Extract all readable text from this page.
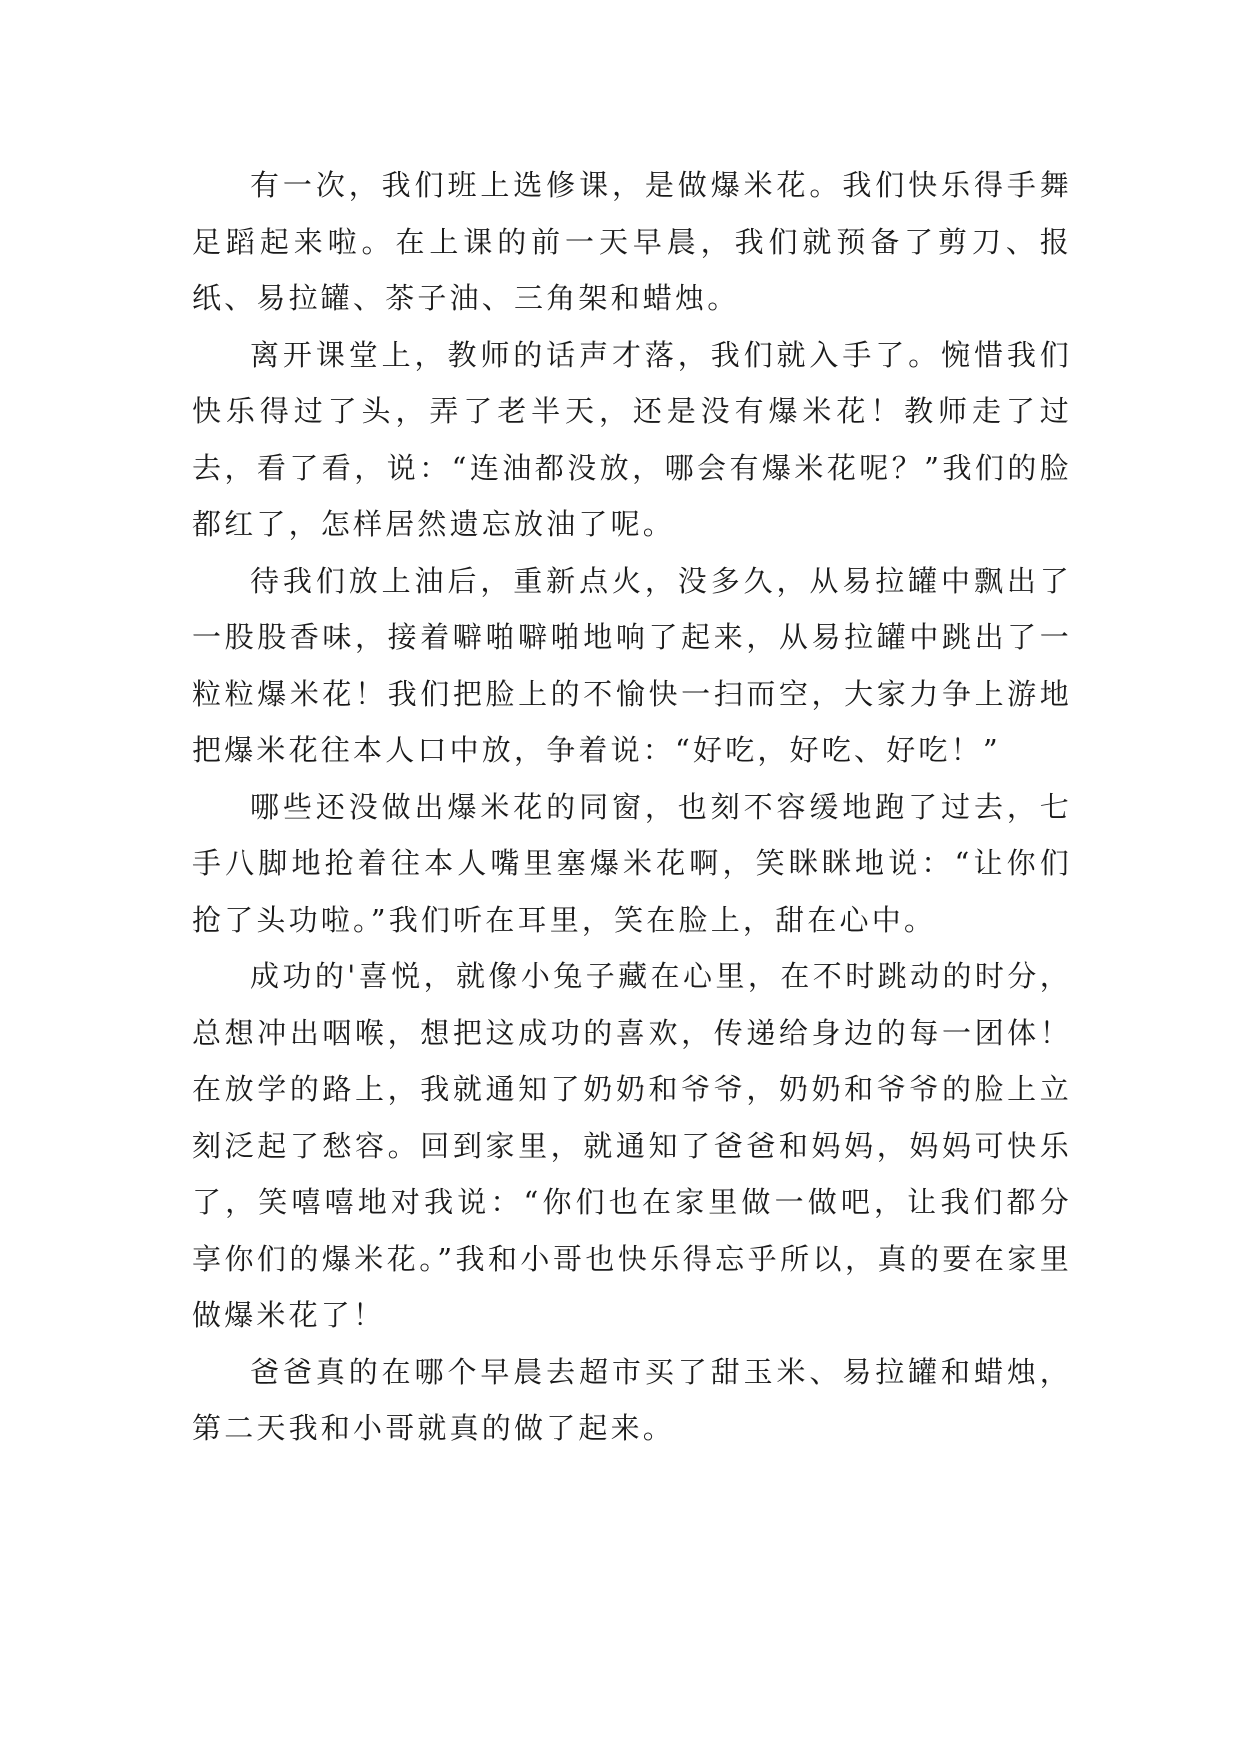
有一次，我们班上选修课，是做爆米花。我们快乐得手舞足蹈起来啦。在上课的前一天早晨，我们就预备了剪刀、报纸、易拉罐、茶子油、三角架和蜡烛。

离开课堂上，教师的话声才落，我们就入手了。惋惜我们快乐得过了头，弄了老半天，还是没有爆米花！教师走了过去，看了看，说：“连油都没放，哪会有爆米花呢？”我们的脸都红了，怎样居然遗忘放油了呢。

待我们放上油后，重新点火，没多久，从易拉罐中飘出了一股股香味，接着噼啪噼啪地响了起来，从易拉罐中跳出了一粒粒爆米花！我们把脸上的不愉快一扫而空，大家力争上游地把爆米花往本人口中放，争着说：“好吃，好吃、好吃！”

哪些还没做出爆米花的同窗，也刻不容缓地跑了过去，七手八脚地抢着往本人嘴里塞爆米花啊，笑眯眯地说：“让你们抢了头功啦。”我们听在耳里，笑在脸上，甜在心中。

成功的'喜悦，就像小兔子藏在心里，在不时跳动的时分，总想冲出咽喉，想把这成功的喜欢，传递给身边的每一团体！在放学的路上，我就通知了奶奶和爷爷，奶奶和爷爷的脸上立刻泛起了愁容。回到家里，就通知了爸爸和妈妈，妈妈可快乐了，笑嘻嘻地对我说：“你们也在家里做一做吧，让我们都分享你们的爆米花。”我和小哥也快乐得忘乎所以，真的要在家里做爆米花了！

爸爸真的在哪个早晨去超市买了甜玉米、易拉罐和蜡烛，第二天我和小哥就真的做了起来。
